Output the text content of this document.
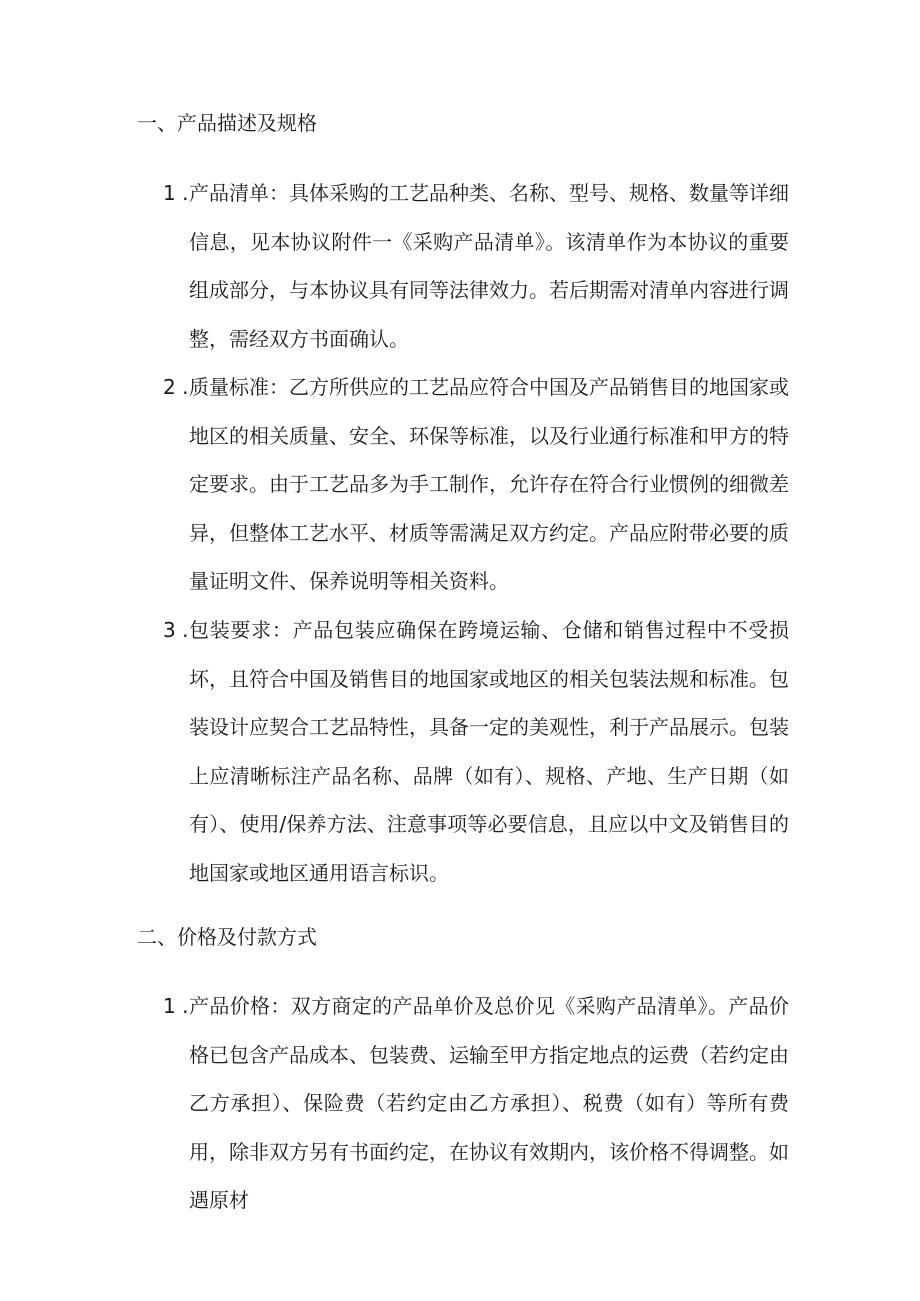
一、产品描述及规格
1 . 产品清单：具体采购的工艺品种类、名称、型号、规格、数量等详细信息，见本协议附件一《采购产品清单》。该清单作为本协议的重要组成部分，与本协议具有同等法律效力。若后期需对清单内容进行调整，需经双方书面确认。
2 . 质量标准：乙方所供应的工艺品应符合中国及产品销售目的地国家或地区的相关质量、安全、环保等标准，以及行业通行标准和甲方的特定要求。由于工艺品多为手工制作，允许存在符合行业惯例的细微差异，但整体工艺水平、材质等需满足双方约定。产品应附带必要的质量证明文件、保养说明等相关资料。
3 . 包装要求：产品包装应确保在跨境运输、仓储和销售过程中不受损坏，且符合中国及销售目的地国家或地区的相关包装法规和标准。包装设计应契合工艺品特性，具备一定的美观性，利于产品展示。包装上应清晰标注产品名称、品牌（如有）、规格、产地、生产日期（如有）、使用/保养方法、注意事项等必要信息，且应以中文及销售目的地国家或地区通用语言标识。
二、价格及付款方式
1 . 产品价格：双方商定的产品单价及总价见《采购产品清单》。产品价格已包含产品成本、包装费、运输至甲方指定地点的运费（若约定由乙方承担）、保险费（若约定由乙方承担）、税费（如有）等所有费用，除非双方另有书面约定，在协议有效期内，该价格不得调整。如遇原材
